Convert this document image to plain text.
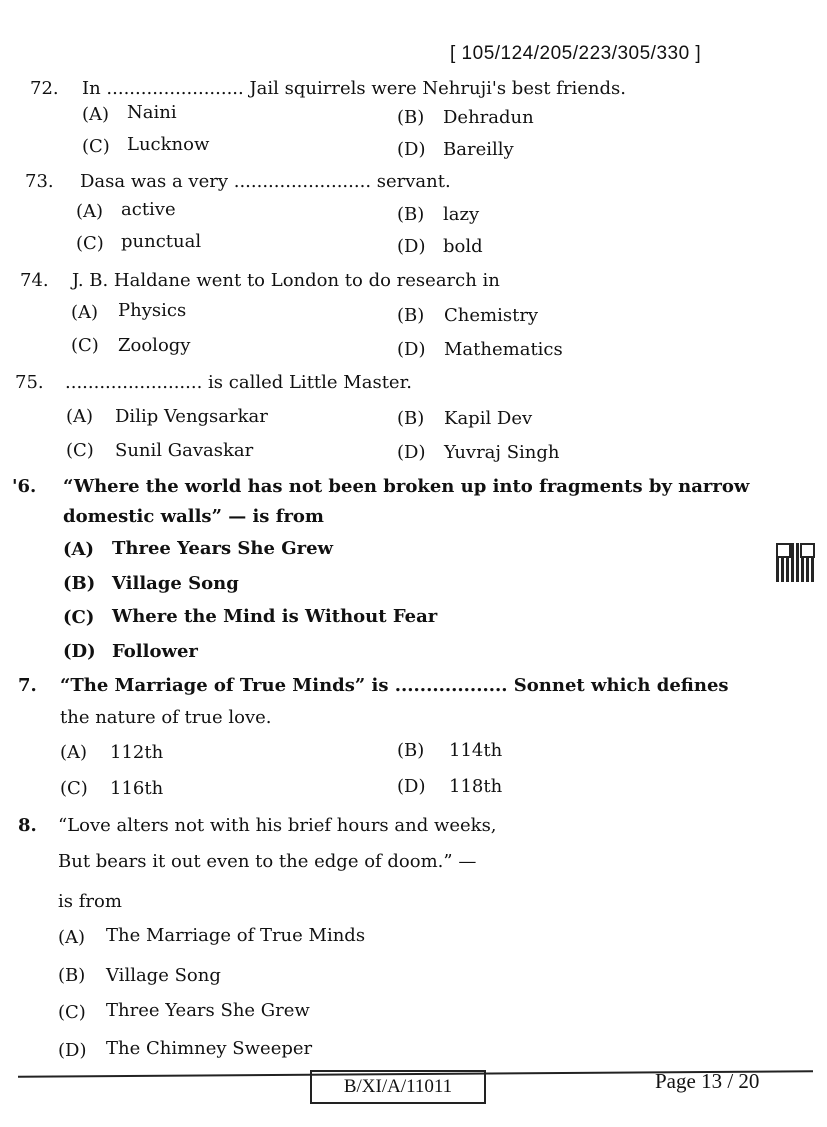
[ 105/124/205/223/305/330 ]
72. In ........................ Jail squirrels were Nehruji's best friends.
(A) Naini	(B) Dehradun
(C) Lucknow	(D) Bareilly
73. Dasa was a very ........................ servant.
(A) active	(B) lazy
(C) punctual	(D) bold
74. J. B. Haldane went to London to do research in
(A) Physics	(B) Chemistry
(C) Zoology	(D) Mathematics
75. ........................ is called Little Master.
(A) Dilip Vengsarkar	(B) Kapil Dev
(C) Sunil Gavaskar	(D) Yuvraj Singh
'6. “Where the world has not been broken up into fragments by narrow
domestic walls” — is from
(A) Three Years She Grew
(B) Village Song
(C) Where the Mind is Without Fear
(D) Follower
7. “The Marriage of True Minds” is .................. Sonnet which defines
the nature of true love.
(A) 112th	(B) 114th
(C) 116th	(D) 118th
8. “Love alters not with his brief hours and weeks,
But bears it out even to the edge of doom.” —
is from
(A) The Marriage of True Minds
(B) Village Song
(C) Three Years She Grew
(D) The Chimney Sweeper
B/XI/A/11011	Page 13 / 20
